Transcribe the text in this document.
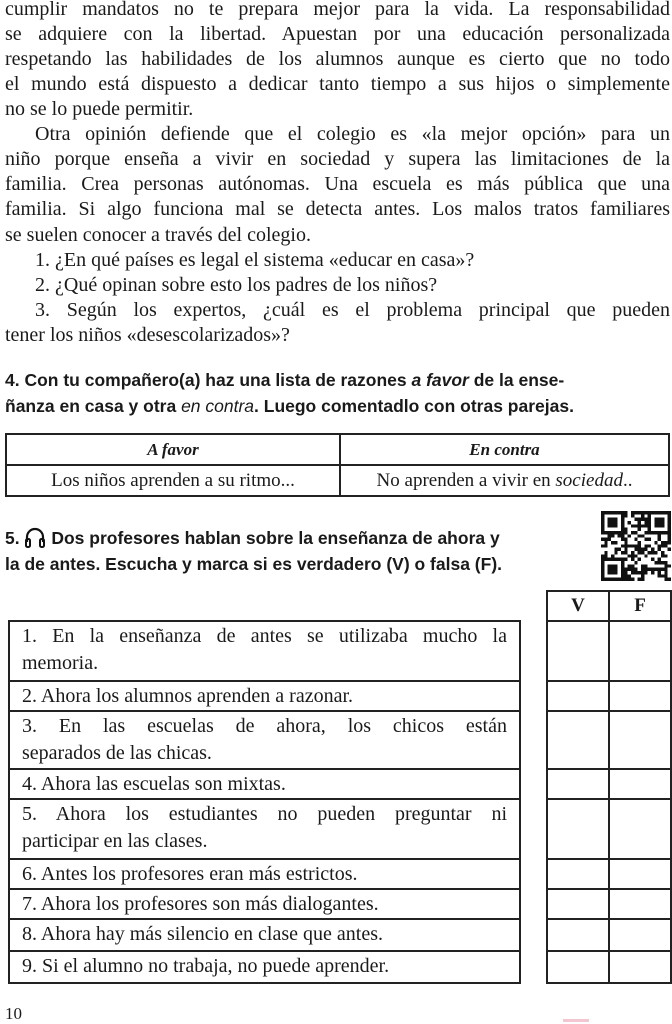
cumplir mandatos no te prepara mejor para la vida. La responsabilidad
se adquiere con la libertad. Apuestan por una educación personalizada
respetando las habilidades de los alumnos aunque es cierto que no todo
el mundo está dispuesto a dedicar tanto tiempo a sus hijos o simplemente
no se lo puede permitir.
Otra opinión defiende que el colegio es «la mejor opción» para un
niño porque enseña a vivir en sociedad y supera las limitaciones de la
familia. Crea personas autónomas. Una escuela es más pública que una
familia. Si algo funciona mal se detecta antes. Los malos tratos familiares
se suelen conocer a través del colegio.
1. ¿En qué países es legal el sistema «educar en casa»?
2. ¿Qué opinan sobre esto los padres de los niños?
3. Según los expertos, ¿cuál es el problema principal que pueden
tener los niños «desescolarizados»?
4. Con tu compañero(a) haz una lista de razones a favor de la ense-
ñanza en casa y otra en contra. Luego comentadlo con otras parejas.
A favor	En contra
Los niños aprenden a su ritmo...	No aprenden a vivir en sociedad..
5. Dos profesores hablan sobre la enseñanza de ahora y
la de antes. Escucha y marca si es verdadero (V) o falsa (F).
V	F
1. En la enseñanza de antes se utilizaba mucho la
memoria.
2. Ahora los alumnos aprenden a razonar.
3. En las escuelas de ahora, los chicos están
separados de las chicas.
4. Ahora las escuelas son mixtas.
5. Ahora los estudiantes no pueden preguntar ni
participar en las clases.
6. Antes los profesores eran más estrictos.
7. Ahora los profesores son más dialogantes.
8. Ahora hay más silencio en clase que antes.
9. Si el alumno no trabaja, no puede aprender.
10
